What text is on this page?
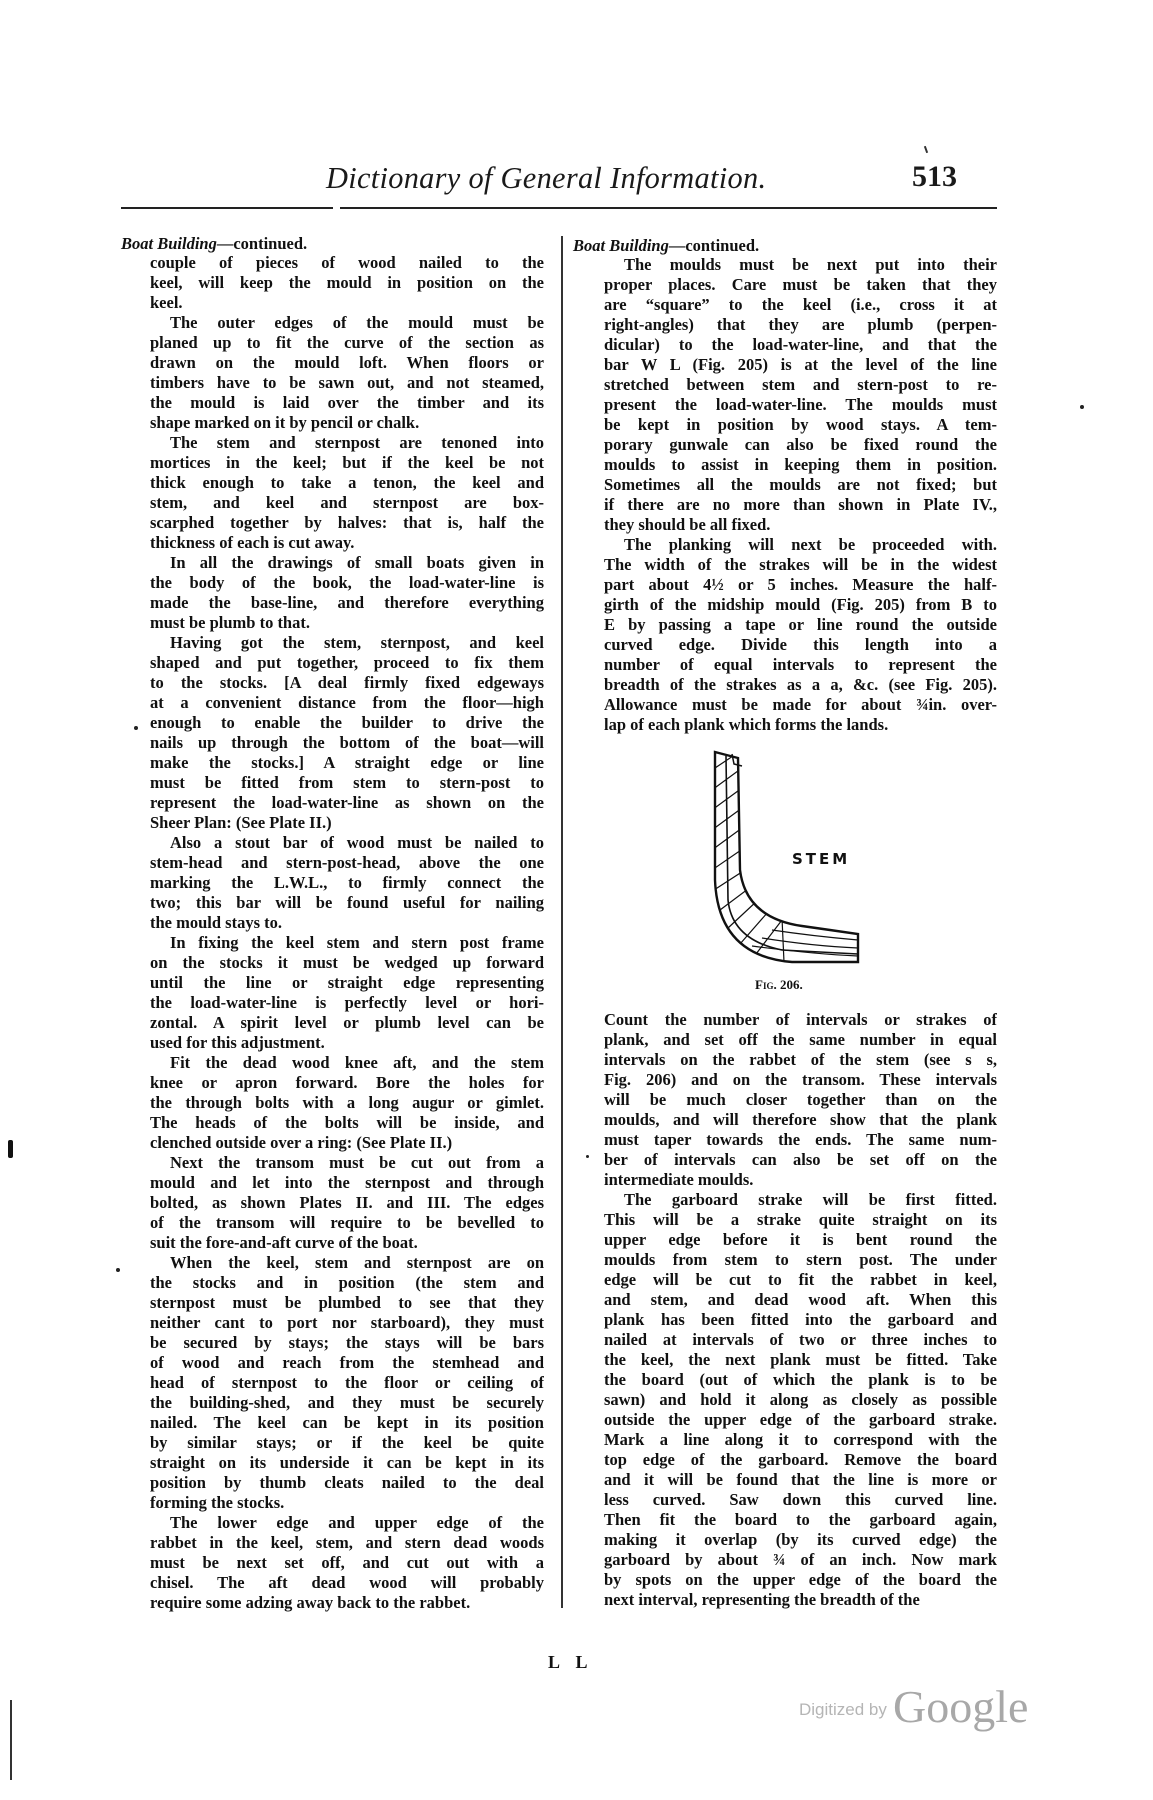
Dictionary of General Information.	513
Boat Building—continued.
couple of pieces of wood nailed to the
keel, will keep the mould in position on the
keel.
The outer edges of the mould must be
planed up to fit the curve of the section as
drawn on the mould loft. When floors or
timbers have to be sawn out, and not steamed,
the mould is laid over the timber and its
shape marked on it by pencil or chalk.
The stem and sternpost are tenoned into
mortices in the keel; but if the keel be not
thick enough to take a tenon, the keel and
stem, and keel and sternpost are box-
scarphed together by halves: that is, half the
thickness of each is cut away.
In all the drawings of small boats given in
the body of the book, the load-water-line is
made the base-line, and therefore everything
must be plumb to that.
Having got the stem, sternpost, and keel
shaped and put together, proceed to fix them
to the stocks. [A deal firmly fixed edgeways
at a convenient distance from the floor—high
enough to enable the builder to drive the
nails up through the bottom of the boat—will
make the stocks.] A straight edge or line
must be fitted from stem to stern-post to
represent the load-water-line as shown on the
Sheer Plan: (See Plate II.)
Also a stout bar of wood must be nailed to
stem-head and stern-post-head, above the one
marking the L.W.L., to firmly connect the
two; this bar will be found useful for nailing
the mould stays to.
In fixing the keel stem and stern post frame
on the stocks it must be wedged up forward
until the line or straight edge representing
the load-water-line is perfectly level or hori-
zontal. A spirit level or plumb level can be
used for this adjustment.
Fit the dead wood knee aft, and the stem
knee or apron forward. Bore the holes for
the through bolts with a long augur or gimlet.
The heads of the bolts will be inside, and
clenched outside over a ring: (See Plate II.)
Next the transom must be cut out from a
mould and let into the sternpost and through
bolted, as shown Plates II. and III. The edges
of the transom will require to be bevelled to
suit the fore-and-aft curve of the boat.
When the keel, stem and sternpost are on
the stocks and in position (the stem and
sternpost must be plumbed to see that they
neither cant to port nor starboard), they must
be secured by stays; the stays will be bars
of wood and reach from the stemhead and
head of sternpost to the floor or ceiling of
the building-shed, and they must be securely
nailed. The keel can be kept in its position
by similar stays; or if the keel be quite
straight on its underside it can be kept in its
position by thumb cleats nailed to the deal
forming the stocks.
The lower edge and upper edge of the
rabbet in the keel, stem, and stern dead woods
must be next set off, and cut out with a
chisel. The aft dead wood will probably
require some adzing away back to the rabbet.
Boat Building—continued.
The moulds must be next put into their
proper places. Care must be taken that they
are “square” to the keel (i.e., cross it at
right-angles) that they are plumb (perpen-
dicular) to the load-water-line, and that the
bar W L (Fig. 205) is at the level of the line
stretched between stem and stern-post to re-
present the load-water-line. The moulds must
be kept in position by wood stays. A tem-
porary gunwale can also be fixed round the
moulds to assist in keeping them in position.
Sometimes all the moulds are not fixed; but
if there are no more than shown in Plate IV.,
they should be all fixed.
The planking will next be proceeded with.
The width of the strakes will be in the widest
part about 4½ or 5 inches. Measure the half-
girth of the midship mould (Fig. 205) from B to
E by passing a tape or line round the outside
curved edge. Divide this length into a
number of equal intervals to represent the
breadth of the strakes as a a, &c. (see Fig. 205).
Allowance must be made for about ¾in. over-
lap of each plank which forms the lands.
STEM
Fig. 206.
Count the number of intervals or strakes of
plank, and set off the same number in equal
intervals on the rabbet of the stem (see s s,
Fig. 206) and on the transom. These intervals
will be much closer together than on the
moulds, and will therefore show that the plank
must taper towards the ends. The same num-
ber of intervals can also be set off on the
intermediate moulds.
The garboard strake will be first fitted.
This will be a strake quite straight on its
upper edge before it is bent round the
moulds from stem to stern post. The under
edge will be cut to fit the rabbet in keel,
and stem, and dead wood aft. When this
plank has been fitted into the garboard and
nailed at intervals of two or three inches to
the keel, the next plank must be fitted. Take
the board (out of which the plank is to be
sawn) and hold it along as closely as possible
outside the upper edge of the garboard strake.
Mark a line along it to correspond with the
top edge of the garboard. Remove the board
and it will be found that the line is more or
less curved. Saw down this curved line.
Then fit the board to the garboard again,
making it overlap (by its curved edge) the
garboard by about ¾ of an inch. Now mark
by spots on the upper edge of the board the
next interval, representing the breadth of the
L L
Digitized by Google
